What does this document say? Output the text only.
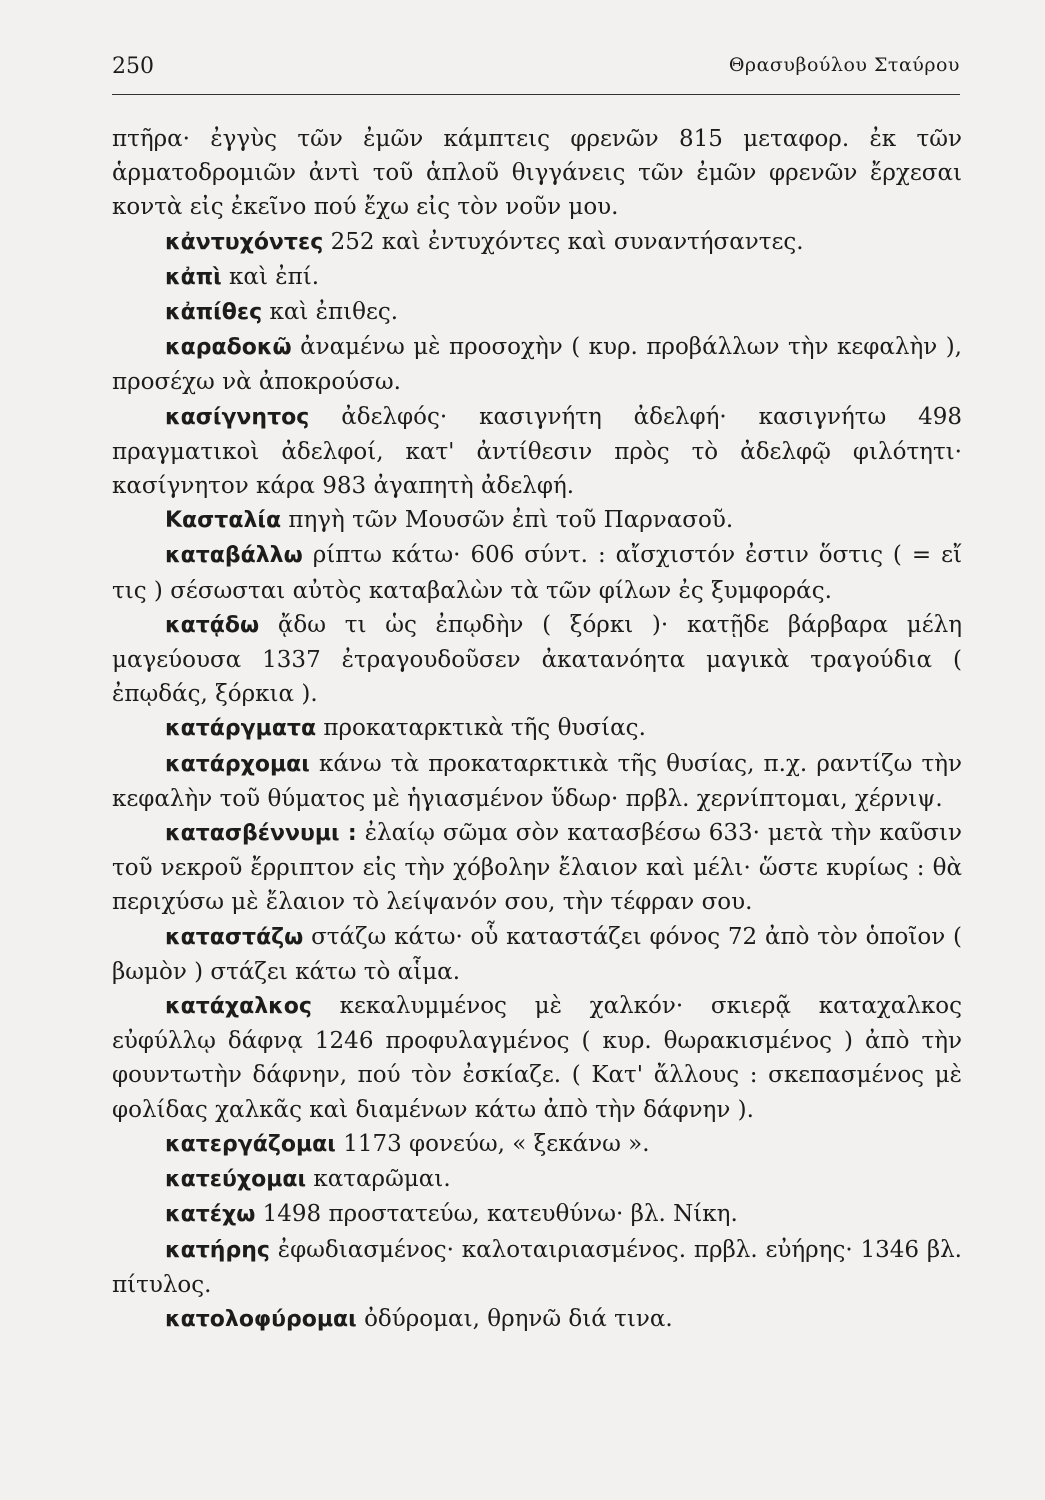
250	Θρασυβούλου Σταύρου

πτῆρα· ἐγγὺς τῶν ἐμῶν κάμπτεις φρενῶν 815 μεταφορ. ἐκ τῶν ἁρματοδρομιῶν ἀντὶ τοῦ ἁπλοῦ θιγγάνεις τῶν ἐμῶν φρενῶν ἔρχεσαι κοντὰ εἰς ἐκεῖνο πού ἔχω εἰς τὸν νοῦν μου.

κἀντυχόντες 252 καὶ ἐντυχόντες καὶ συναντήσαντες.

κἀπὶ καὶ ἐπί.

κἀπίθες καὶ ἐπιθες.

καραδοκῶ ἀναμένω μὲ προσοχὴν ( κυρ. προβάλλων τὴν κεφαλὴν ), προσέχω νὰ ἀποκρούσω.

κασίγνητος ἀδελφός· κασιγνήτη ἀδελφή· κασιγνήτω 498 πραγματικοὶ ἀδελφοί, κατ' ἀντίθεσιν πρὸς τὸ ἀδελφῷ φιλότητι· κασίγνητον κάρα 983 ἀγαπητὴ ἀδελφή.

Κασταλία πηγὴ τῶν Μουσῶν ἐπὶ τοῦ Παρνασοῦ.

καταβάλλω ρίπτω κάτω· 606 σύντ. : αἴσχιστόν ἐστιν ὅστις ( = εἴ τις ) σέσωσται αὐτὸς καταβαλὼν τὰ τῶν φίλων ἐς ξυμφοράς.

κατᾴδω ᾄδω τι ὡς ἐπῳδὴν ( ξόρκι )· κατῇδε βάρβαρα μέλη μαγεύουσα 1337 ἐτραγουδοῦσεν ἀκατανόητα μαγικὰ τραγούδια ( ἐπῳδάς, ξόρκια ).

κατάργματα προκαταρκτικὰ τῆς θυσίας.

κατάρχομαι κάνω τὰ προκαταρκτικὰ τῆς θυσίας, π.χ. ραντίζω τὴν κεφαλὴν τοῦ θύματος μὲ ἡγιασμένον ὕδωρ· πρβλ. χερνίπτομαι, χέρνιψ.

κατασβέννυμι : ἐλαίῳ σῶμα σὸν κατασβέσω 633· μετὰ τὴν καῦσιν τοῦ νεκροῦ ἔρριπτον εἰς τὴν χόβολην ἔλαιον καὶ μέλι· ὥστε κυρίως : θὰ περιχύσω μὲ ἔλαιον τὸ λείψανόν σου, τὴν τέφραν σου.

καταστάζω στάζω κάτω· οὗ καταστάζει φόνος 72 ἀπὸ τὸν ὁποῖον ( βωμὸν ) στάζει κάτω τὸ αἷμα.

κατάχαλκος κεκαλυμμένος μὲ χαλκόν· σκιερᾷ καταχαλκος εὐφύλλῳ δάφνᾳ 1246 προφυλαγμένος ( κυρ. θωρακισμένος ) ἀπὸ τὴν φουντωτὴν δάφνην, πού τὸν ἐσκίαζε. ( Κατ' ἄλλους : σκεπασμένος μὲ φολίδας χαλκᾶς καὶ διαμένων κάτω ἀπὸ τὴν δάφνην ).

κατεργάζομαι 1173 φονεύω, « ξεκάνω ».

κατεύχομαι καταρῶμαι.

κατέχω 1498 προστατεύω, κατευθύνω· βλ. Νίκη.

κατήρης ἐφωδιασμένος· καλοταιριασμένος. πρβλ. εὐήρης· 1346 βλ. πίτυλος.

κατολοφύρομαι ὀδύρομαι, θρηνῶ διά τινα.
